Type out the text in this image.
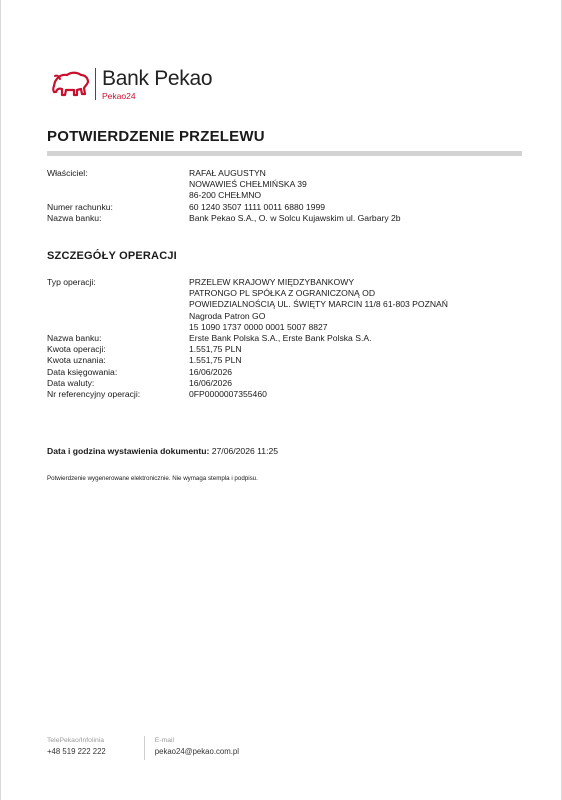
Bank Pekao
Pekao24
POTWIERDZENIE PRZELEWU
Właściciel:	RAFAŁ AUGUSTYN
NOWAWIEŚ CHEŁMIŃSKA 39
86-200 CHEŁMNO
Numer rachunku:	60 1240 3507 1111 0011 6880 1999
Nazwa banku:	Bank Pekao S.A., O. w Solcu Kujawskim ul. Garbary 2b
SZCZEGÓŁY OPERACJI
Typ operacji:	PRZELEW KRAJOWY MIĘDZYBANKOWY
PATRONGO PL SPÓŁKA Z OGRANICZONĄ OD
POWIEDZIALNOŚCIĄ UL. ŚWIĘTY MARCIN 11/8 61-803 POZNAŃ
Nagroda Patron GO
15 1090 1737 0000 0001 5007 8827
Nazwa banku:	Erste Bank Polska S.A., Erste Bank Polska S.A.
Kwota operacji:	1.551,75 PLN
Kwota uznania:	1.551,75 PLN
Data księgowania:	16/06/2026
Data waluty:	16/06/2026
Nr referencyjny operacji:	0FP0000007355460
Data i godzina wystawienia dokumentu: 27/06/2026 11:25
Potwierdzenie wygenerowane elektronicznie. Nie wymaga stempla i podpisu.
TelePekao/Infolinia
+48 519 222 222
E-mail
pekao24@pekao.com.pl
